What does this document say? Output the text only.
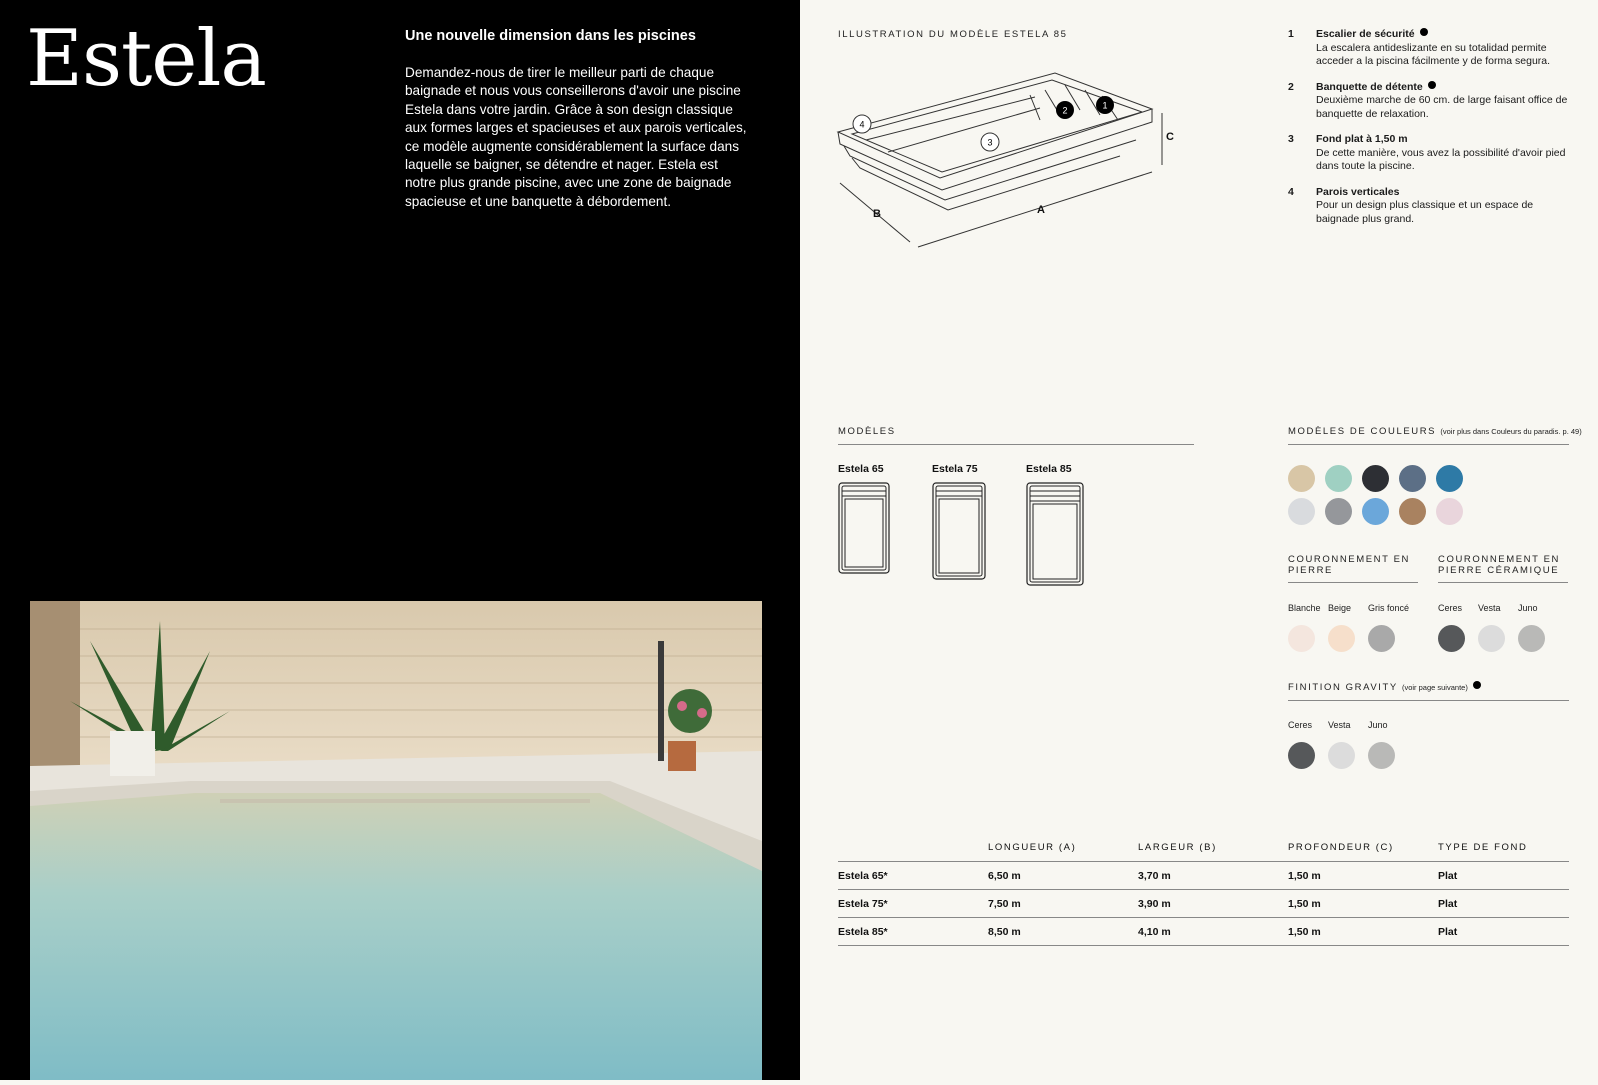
Estela	Une nouvelle dimension dans les piscines

Demandez-nous de tirer le meilleur parti de chaque baignade et nous vous conseillerons d'avoir une piscine Estela dans votre jardin. Grâce à son design classique aux formes larges et spacieuses et aux parois verticales, ce modèle augmente considérablement la surface dans laquelle se baigner, se détendre et nager. Estela est notre plus grande piscine, avec une zone de baignade spacieuse et une banquette à débordement.

ILLUSTRATION DU MODÈLE ESTELA 85
1
2
3
4
B	A
C
1 Escalier de sécurité
La escalera antideslizante en su totalidad permite acceder a la piscina fácilmente y de forma segura.
2 Banquette de détente
Deuxième marche de 60 cm. de large faisant office de banquette de relaxation.
3 Fond plat à 1,50 m
De cette manière, vous avez la possibilité d'avoir pied dans toute la piscine.
4 Parois verticales
Pour un design plus classique et un espace de baignade plus grand.
MODÈLES
Estela 65	Estela 75	Estela 85
MODÈLES DE COULEURS (voir plus dans Couleurs du paradis. p. 49)
COURONNEMENT EN PIERRE
Blanche Beige	Gris foncé
COURONNEMENT EN PIERRE CÉRAMIQUE
Ceres	Vesta	Juno
FINITION GRAVITY (voir page suivante)
Ceres	Vesta	Juno
	LONGUEUR (A)	LARGEUR (B)	PROFONDEUR (C)	TYPE DE FOND
Estela 65*	6,50 m	3,70 m	1,50 m	Plat
Estela 75*	7,50 m	3,90 m	1,50 m	Plat
Estela 85*	8,50 m	4,10 m	1,50 m	Plat
